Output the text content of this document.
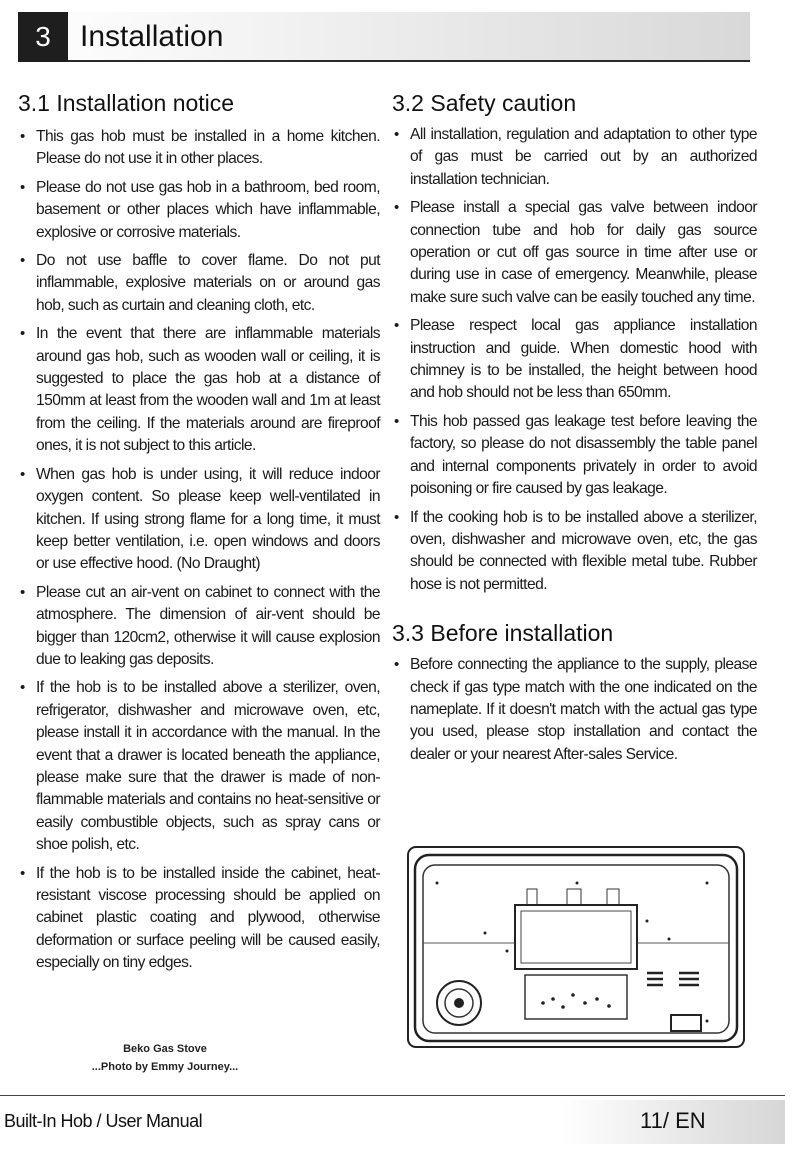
3 Installation
3.1 Installation notice
• This gas hob must be installed in a home kitchen. Please do not use it in other places.
• Please do not use gas hob in a bathroom, bed room, basement or other places which have inflammable, explosive or corrosive materials.
• Do not use baffle to cover flame. Do not put inflammable, explosive materials on or around gas hob, such as curtain and cleaning cloth, etc.
• In the event that there are inflammable materials around gas hob, such as wooden wall or ceiling, it is suggested to place the gas hob at a distance of 150mm at least from the wooden wall and 1m at least from the ceiling. If the materials around are fireproof ones, it is not subject to this article.
• When gas hob is under using, it will reduce indoor oxygen content. So please keep well-ventilated in kitchen. If using strong flame for a long time, it must keep better ventilation, i.e. open windows and doors or use effective hood. (No Draught)
• Please cut an air-vent on cabinet to connect with the atmosphere. The dimension of air-vent should be bigger than 120cm2, otherwise it will cause explosion due to leaking gas deposits.
• If the hob is to be installed above a sterilizer, oven, refrigerator, dishwasher and microwave oven, etc, please install it in accordance with the manual. In the event that a drawer is located beneath the appliance, please make sure that the drawer is made of non-flammable materials and contains no heat-sensitive or easily combustible objects, such as spray cans or shoe polish, etc.
• If the hob is to be installed inside the cabinet, heat-resistant viscose processing should be applied on cabinet plastic coating and plywood, otherwise deformation or surface peeling will be caused easily, especially on tiny edges.
3.2 Safety caution
• All installation, regulation and adaptation to other type of gas must be carried out by an authorized installation technician.
• Please install a special gas valve between indoor connection tube and hob for daily gas source operation or cut off gas source in time after use or during use in case of emergency. Meanwhile, please make sure such valve can be easily touched any time.
• Please respect local gas appliance installation instruction and guide. When domestic hood with chimney is to be installed, the height between hood and hob should not be less than 650mm.
• This hob passed gas leakage test before leaving the factory, so please do not disassembly the table panel and internal components privately in order to avoid poisoning or fire caused by gas leakage.
• If the cooking hob is to be installed above a sterilizer, oven, dishwasher and microwave oven, etc, the gas should be connected with flexible metal tube. Rubber hose is not permitted.
3.3 Before installation
• Before connecting the appliance to the supply, please check if gas type match with the one indicated on the nameplate. If it doesn't match with the actual gas type you used, please stop installation and contact the dealer or your nearest After-sales Service.
Beko Gas Stove
...Photo by Emmy Journey...
Built-In Hob / User Manual	11/ EN
